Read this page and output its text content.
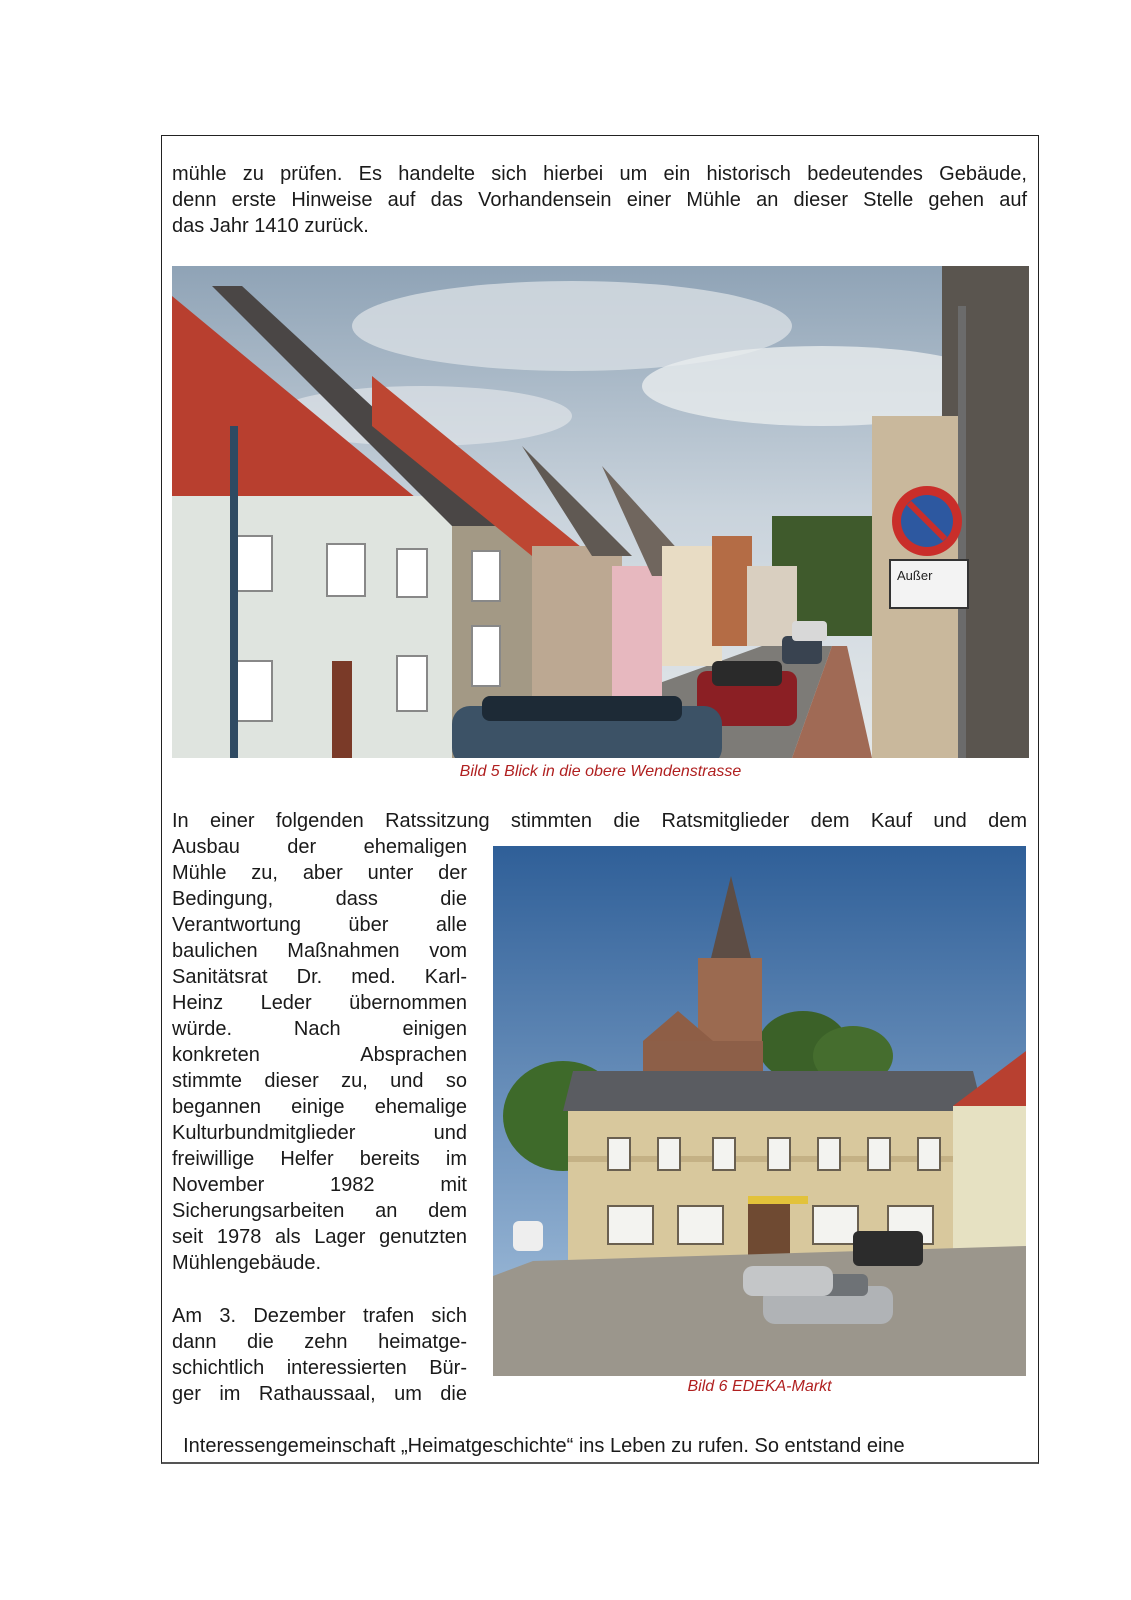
mühle zu prüfen. Es handelte sich hierbei um ein historisch bedeutendes Gebäude,
denn erste Hinweise auf das Vorhandensein einer Mühle an dieser Stelle gehen auf
das Jahr 1410 zurück.
Außer
Bild 5 Blick in die obere Wendenstrasse
In einer folgenden Ratssitzung stimmten die Ratsmitglieder dem Kauf und dem
Ausbau der ehemaligen
Mühle zu, aber unter der
Bedingung, dass die
Verantwortung über alle
baulichen Maßnahmen vom
Sanitätsrat Dr. med. Karl-
Heinz Leder übernommen
würde. Nach einigen
konkreten Absprachen
stimmte dieser zu, und so
begannen einige ehemalige
Kulturbundmitglieder und
freiwillige Helfer bereits im
November 1982 mit
Sicherungsarbeiten an dem
seit 1978 als Lager genutzten
Mühlengebäude.
Am 3. Dezember trafen sich
dann die zehn heimatge-
schichtlich interessierten Bür-
ger im Rathaussaal, um die

Interessengemeinschaft „Heimatgeschichte“ ins Leben zu rufen. So entstand eine

Bild 6 EDEKA-Markt
